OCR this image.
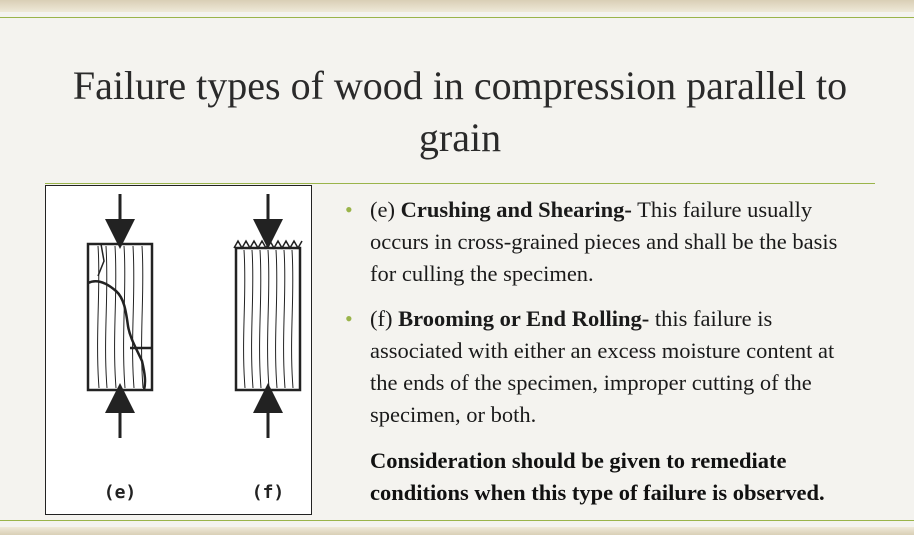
Failure types of wood in compression parallel to grain
(e)	(f)
• (e) Crushing and Shearing- This failure usually
occurs in cross-grained pieces and shall be the basis
for culling the specimen.
• (f) Brooming or End Rolling- this failure is
associated with either an excess moisture content at
the ends of the specimen, improper cutting of the
specimen, or both.

Consideration should be given to remediate
conditions when this type of failure is observed.
